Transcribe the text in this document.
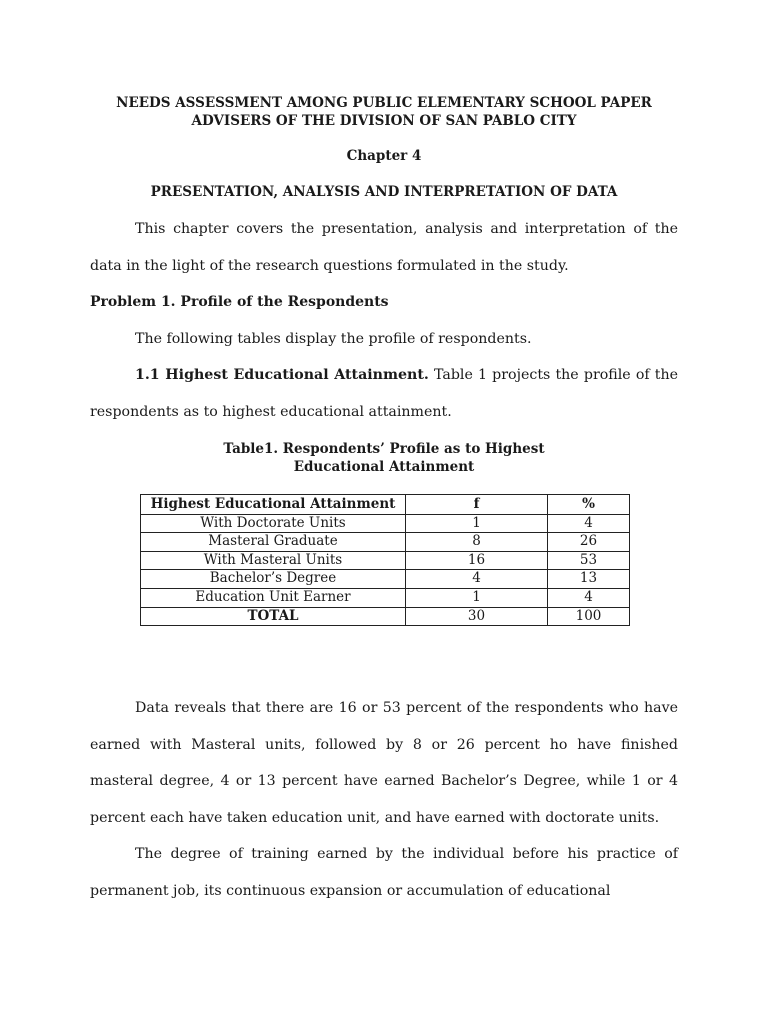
NEEDS ASSESSMENT AMONG PUBLIC ELEMENTARY SCHOOL PAPER
ADVISERS OF THE DIVISION OF SAN PABLO CITY
Chapter 4
PRESENTATION, ANALYSIS AND INTERPRETATION OF DATA

This chapter covers the presentation, analysis and interpretation of the data in the light of the research questions formulated in the study.

Problem 1. Profile of the Respondents

The following tables display the profile of respondents.

1.1 Highest Educational Attainment. Table 1 projects the profile of the respondents as to highest educational attainment.

Table1. Respondents’ Profile as to Highest
Educational Attainment
Highest Educational Attainment	f	%
With Doctorate Units	1	4
Masteral Graduate	8	26
With Masteral Units	16	53
Bachelor’s Degree	4	13
Education Unit Earner	1	4
TOTAL	30	100

Data reveals that there are 16 or 53 percent of the respondents who have earned with Masteral units, followed by 8 or 26 percent ho have finished masteral degree, 4 or 13 percent have earned Bachelor’s Degree, while 1 or 4 percent each have taken education unit, and have earned with doctorate units.

The degree of training earned by the individual before his practice of permanent job, its continuous expansion or accumulation of educational
